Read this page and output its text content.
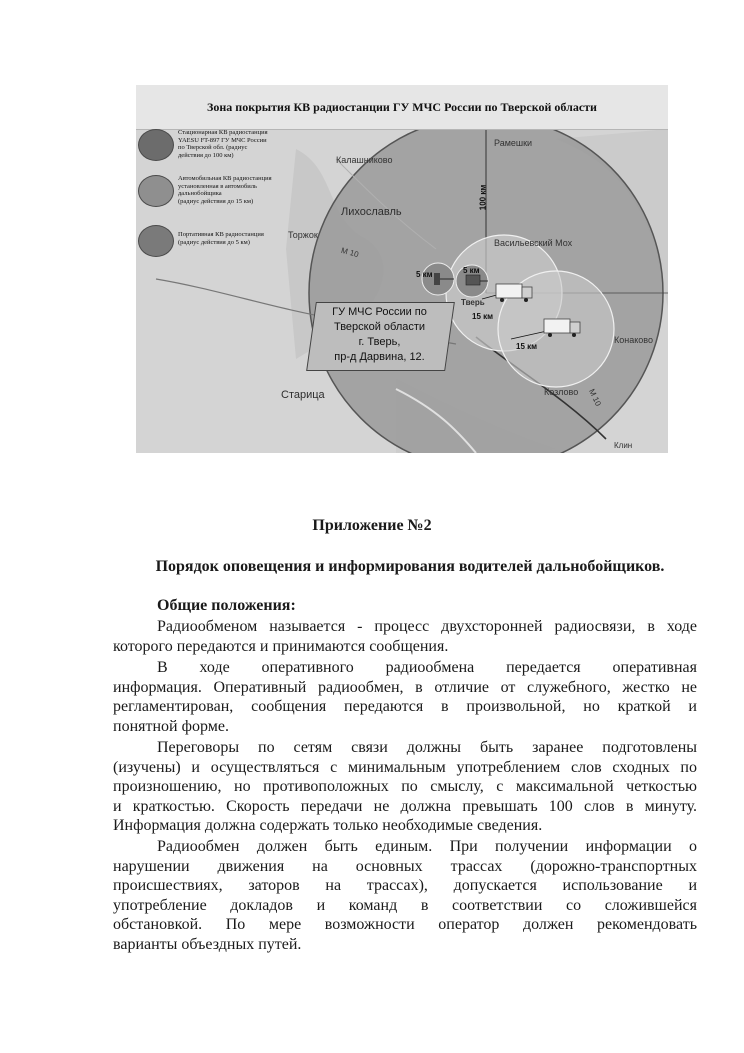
Зона покрытия КВ радиостанции ГУ МЧС России по Тверской области
Стационарная КВ радиостанция
YAESU FT-897 ГУ МЧС России
по Тверской обл. (радиус
действия до 100 км)
Автомобильная КВ радиостанция
установленная в автомобиль
дальнобойщика
(радиус действия до 15 км)
Портативная КВ радиостанция
(радиус действия до 5 км)
Калашниково
Рамешки
Лихославль
Торжок
Васильевский Мох
Конаково
Старица	Козлово
Тверь
Клин
М 10
М 10
100 км
5 км	5 км
15 км
15 км
ГУ МЧС России по
Тверской области
г. Тверь,
пр-д Дарвина, 12.
Приложение №2
Порядок оповещения и информирования водителей дальнобойщиков.
Общие положения:
Радиообменом называется - процесс двухсторонней радиосвязи, в ходе
которого передаются и принимаются сообщения.
В ходе оперативного радиообмена передается оперативная
информация. Оперативный радиообмен, в отличие от служебного, жестко не
регламентирован, сообщения передаются в произвольной, но краткой и
понятной форме.
Переговоры по сетям связи должны быть заранее подготовлены
(изучены) и осуществляться с минимальным употреблением слов сходных по
произношению, но противоположных по смыслу, с максимальной четкостью
и краткостью. Скорость передачи не должна превышать 100 слов в минуту.
Информация должна содержать только необходимые сведения.
Радиообмен должен быть единым. При получении информации о
нарушении движения на основных трассах (дорожно-транспортных
происшествиях, заторов на трассах), допускается использование и
употребление докладов и команд в соответствии со сложившейся
обстановкой. По мере возможности оператор должен рекомендовать
варианты объездных путей.
